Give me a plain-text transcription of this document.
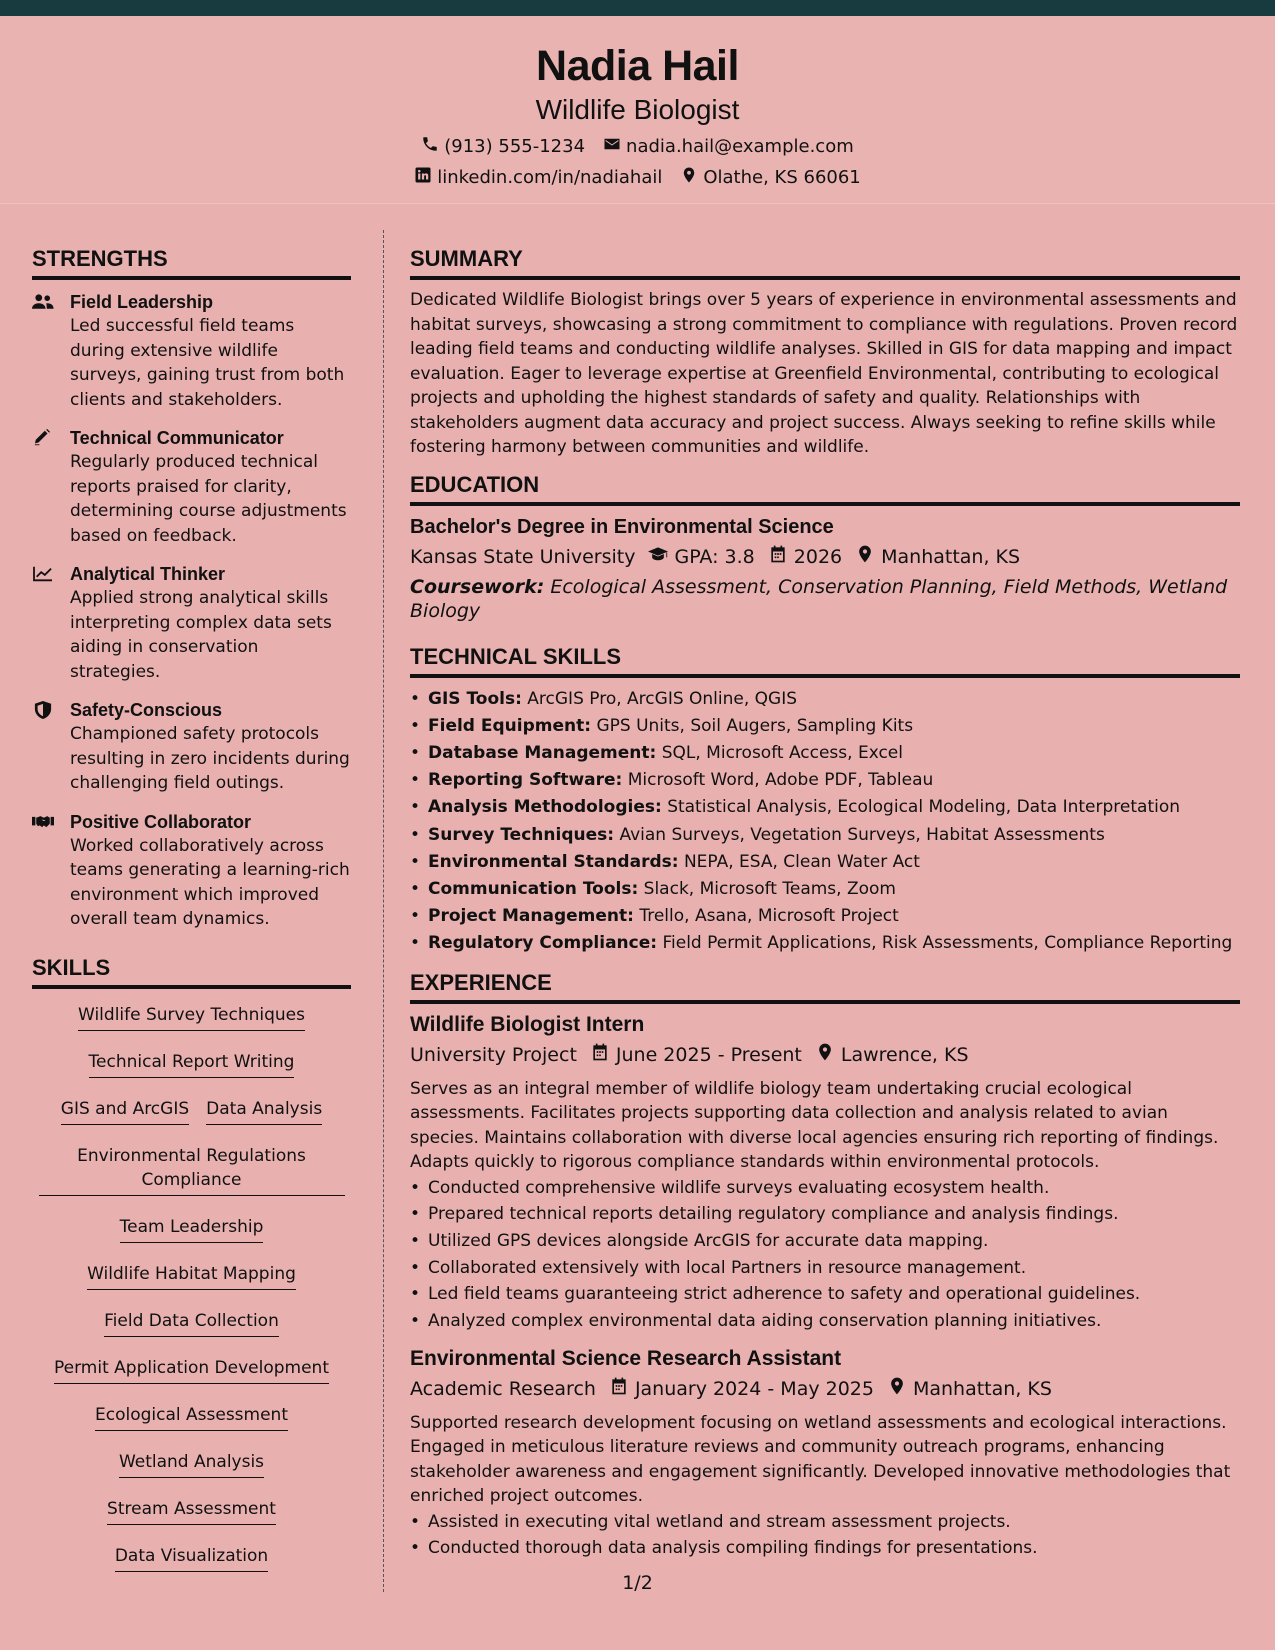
Nadia Hail
Wildlife Biologist
(913) 555-1234 nadia.hail@example.com
linkedin.com/in/nadiahail Olathe, KS 66061
STRENGTHS
Field Leadership
Led successful field teams during extensive wildlife surveys, gaining trust from both clients and stakeholders.
Technical Communicator
Regularly produced technical reports praised for clarity, determining course adjustments based on feedback.
Analytical Thinker
Applied strong analytical skills interpreting complex data sets aiding in conservation strategies.
Safety-Conscious
Championed safety protocols resulting in zero incidents during challenging field outings.
Positive Collaborator
Worked collaboratively across teams generating a learning-rich environment which improved overall team dynamics.
SKILLS
Wildlife Survey Techniques
Technical Report Writing
GIS and ArcGIS Data Analysis
Environmental Regulations Compliance
Team Leadership
Wildlife Habitat Mapping
Field Data Collection
Permit Application Development
Ecological Assessment
Wetland Analysis
Stream Assessment
Data Visualization
SUMMARY
Dedicated Wildlife Biologist brings over 5 years of experience in environmental assessments and habitat surveys, showcasing a strong commitment to compliance with regulations. Proven record leading field teams and conducting wildlife analyses. Skilled in GIS for data mapping and impact evaluation. Eager to leverage expertise at Greenfield Environmental, contributing to ecological projects and upholding the highest standards of safety and quality. Relationships with stakeholders augment data accuracy and project success. Always seeking to refine skills while fostering harmony between communities and wildlife.
EDUCATION
Bachelor's Degree in Environmental Science
Kansas State University GPA: 3.8 2026 Manhattan, KS
Coursework: Ecological Assessment, Conservation Planning, Field Methods, Wetland Biology
TECHNICAL SKILLS
• GIS Tools: ArcGIS Pro, ArcGIS Online, QGIS
• Field Equipment: GPS Units, Soil Augers, Sampling Kits
• Database Management: SQL, Microsoft Access, Excel
• Reporting Software: Microsoft Word, Adobe PDF, Tableau
• Analysis Methodologies: Statistical Analysis, Ecological Modeling, Data Interpretation
• Survey Techniques: Avian Surveys, Vegetation Surveys, Habitat Assessments
• Environmental Standards: NEPA, ESA, Clean Water Act
• Communication Tools: Slack, Microsoft Teams, Zoom
• Project Management: Trello, Asana, Microsoft Project
• Regulatory Compliance: Field Permit Applications, Risk Assessments, Compliance Reporting
EXPERIENCE
Wildlife Biologist Intern
University Project June 2025 - Present Lawrence, KS
Serves as an integral member of wildlife biology team undertaking crucial ecological assessments. Facilitates projects supporting data collection and analysis related to avian species. Maintains collaboration with diverse local agencies ensuring rich reporting of findings. Adapts quickly to rigorous compliance standards within environmental protocols.
• Conducted comprehensive wildlife surveys evaluating ecosystem health.
• Prepared technical reports detailing regulatory compliance and analysis findings.
• Utilized GPS devices alongside ArcGIS for accurate data mapping.
• Collaborated extensively with local Partners in resource management.
• Led field teams guaranteeing strict adherence to safety and operational guidelines.
• Analyzed complex environmental data aiding conservation planning initiatives.
Environmental Science Research Assistant
Academic Research January 2024 - May 2025 Manhattan, KS
Supported research development focusing on wetland assessments and ecological interactions. Engaged in meticulous literature reviews and community outreach programs, enhancing stakeholder awareness and engagement significantly. Developed innovative methodologies that enriched project outcomes.
• Assisted in executing vital wetland and stream assessment projects.
• Conducted thorough data analysis compiling findings for presentations.
1/2
